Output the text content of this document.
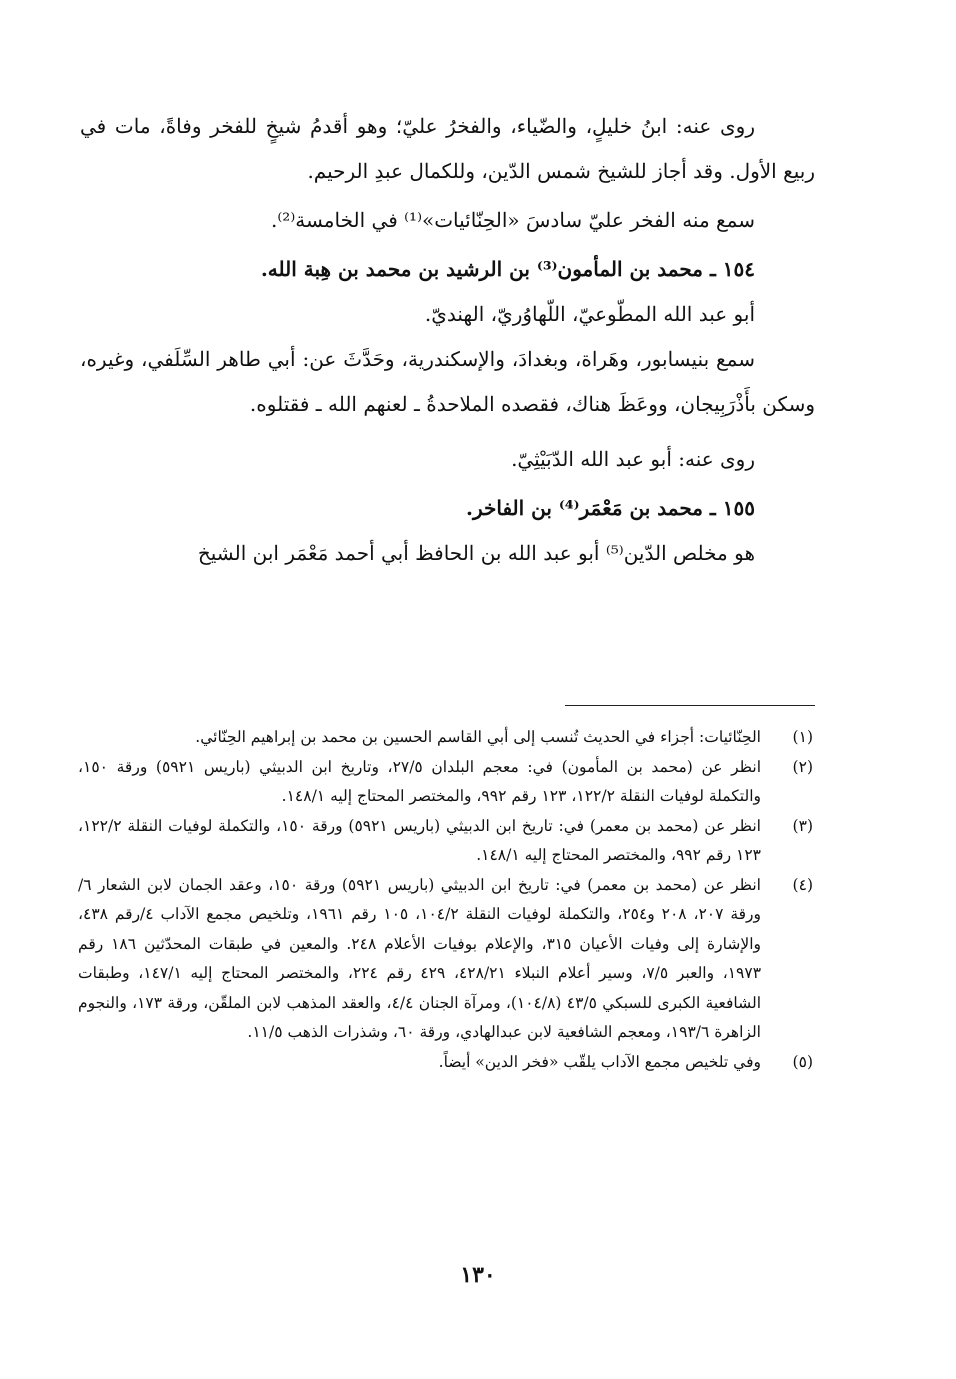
روى عنه: ابنُ خليلٍ، والضّياء، والفخرُ عليّ؛ وهو أقدمُ شيخٍ للفخر وفاةً، مات في ربيع الأول. وقد أجاز للشيخ شمس الدّين، وللكمال عبدِ الرحيم.

سمع منه الفخر عليّ سادسَ «الحِنّائيات»⁽¹⁾ في الخامسة⁽²⁾.

١٥٤ ـ محمد بن المأمون⁽³⁾ بن الرشيد بن محمد بن هِبة الله.

أبو عبد الله المطّوعيّ، اللّهاوُريّ، الهنديّ.

سمع بنيسابور، وهَراة، وبغدادَ، والإسكندرية، وحَدَّثَ عن: أبي طاهر السِّلَفي، وغيره، وسكن بأَذْرَبِيجان، ووعَظَ هناك، فقصده الملاحدةُ ـ لعنهم الله ـ فقتلوه.

روى عنه: أبو عبد الله الدّبَيْثِيّ.

١٥٥ ـ محمد بن مَعْمَر⁽⁴⁾ بن الفاخر.

هو مخلص الدّين⁽⁵⁾ أبو عبد الله بن الحافظ أبي أحمد مَعْمَر ابن الشيخ

(١)
الحِنّائيات: أجزاء في الحديث تُنسب إلى أبي القاسم الحسين بن محمد بن إبراهيم الحِنّائي.
(٢)
انظر عن (محمد بن المأمون) في: معجم البلدان ٢٧/٥، وتاريخ ابن الدبيثي (باريس ٥٩٢١) ورقة ١٥٠، والتكملة لوفيات النقلة ١٢٢/٢، ١٢٣ رقم ٩٩٢، والمختصر المحتاج إليه ١٤٨/١.
(٣)
انظر عن (محمد بن معمر) في: تاريخ ابن الدبيثي (باريس ٥٩٢١) ورقة ١٥٠، والتكملة لوفيات النقلة ١٢٢/٢، ١٢٣ رقم ٩٩٢، والمختصر المحتاج إليه ١٤٨/١.
(٤)
انظر عن (محمد بن معمر) في: تاريخ ابن الدبيثي (باريس ٥٩٢١) ورقة ١٥٠، وعقد الجمان لابن الشعار ٦/ورقة ٢٠٧، ٢٠٨ و٢٥٤، والتكملة لوفيات النقلة ١٠٤/٢، ١٠٥ رقم ١٩٦١، وتلخيص مجمع الآداب ٤/رقم ٤٣٨، والإشارة إلى وفيات الأعيان ٣١٥، والإعلام بوفيات الأعلام ٢٤٨. والمعين في طبقات المحدّثين ١٨٦ رقم ١٩٧٣، والعبر ٧/٥، وسير أعلام النبلاء ٤٢٨/٢١، ٤٢٩ رقم ٢٢٤، والمختصر المحتاج إليه ١٤٧/١، وطبقات الشافعية الكبرى للسبكي ٤٣/٥ (١٠٤/٨)، ومرآة الجنان ٤/٤، والعقد المذهب لابن الملقّن، ورقة ١٧٣، والنجوم الزاهرة ١٩٣/٦، ومعجم الشافعية لابن عبدالهادي، ورقة ٦٠، وشذرات الذهب ١١/٥.
(٥)
وفي تلخيص مجمع الآداب يلقّب «فخر الدين» أيضاً.
١٣٠
